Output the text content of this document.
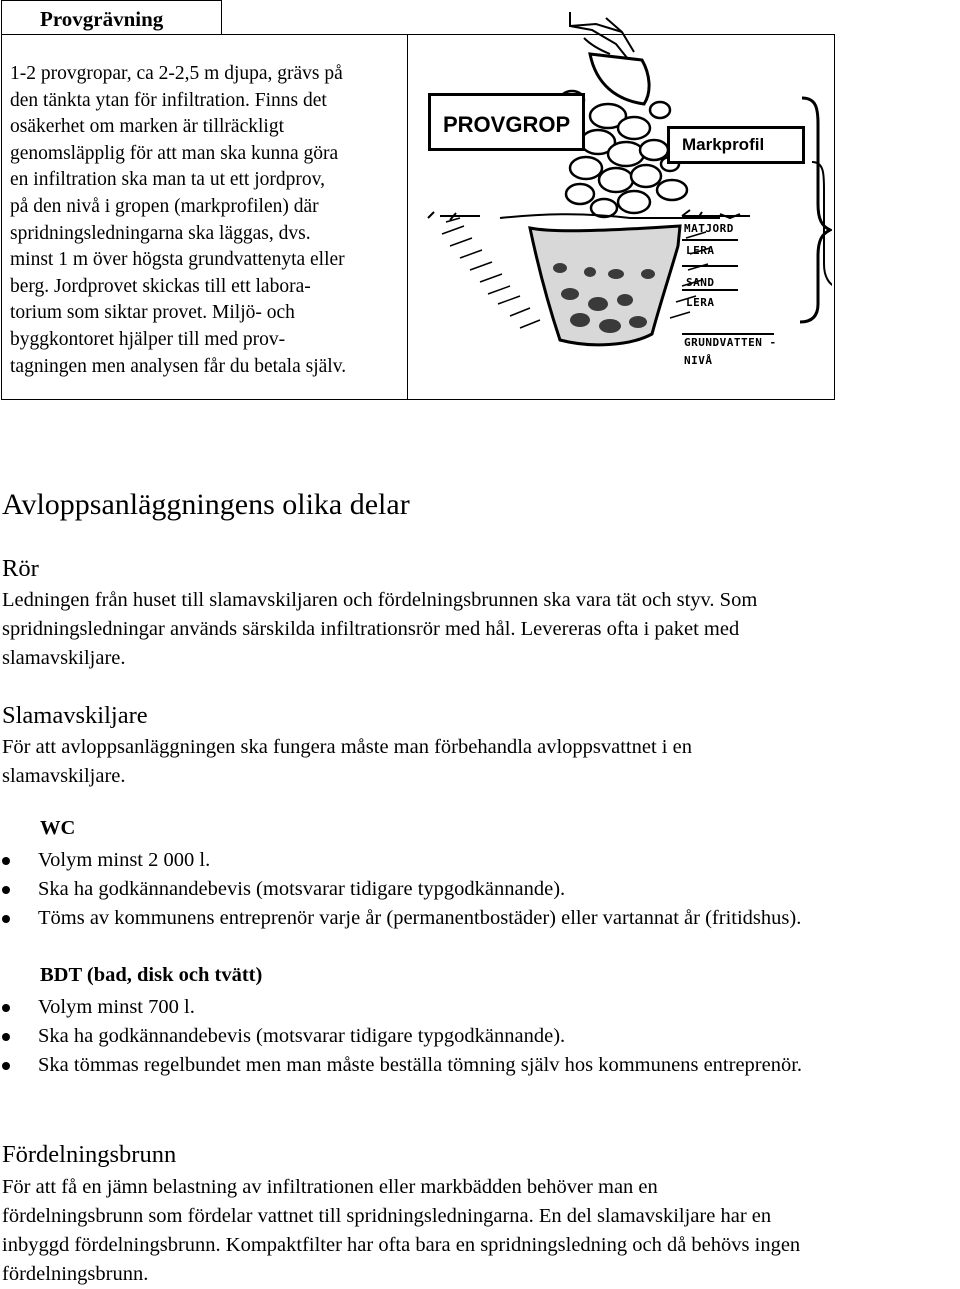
Provgrävning
1-2 provgropar, ca 2-2,5 m djupa, grävs på
den tänkta ytan för infiltration. Finns det
osäkerhet om marken är tillräckligt
genomsläpplig för att man ska kunna göra
en infiltration ska man ta ut ett jordprov,
på den nivå i gropen (markprofilen) där
spridningsledningarna ska läggas, dvs.
minst 1 m över högsta grundvattenyta eller
berg. Jordprovet skickas till ett labora-
torium som siktar provet. Miljö- och
byggkontoret hjälper till med prov-
tagningen men analysen får du betala själv.
PROVGROP
Markprofil
MATJORD
LERA
SAND
LERA
GRUNDVATTEN -
NIVÅ
Avloppsanläggningens olika delar
Rör
Ledningen från huset till slamavskiljaren och fördelningsbrunnen ska vara tät och styv. Som
spridningsledningar används särskilda infiltrationsrör med hål. Levereras ofta i paket med
slamavskiljare.
Slamavskiljare
För att avloppsanläggningen ska fungera måste man förbehandla avloppsvattnet i en
slamavskiljare.
WC
Volym minst 2 000 l.
Ska ha godkännandebevis (motsvarar tidigare typgodkännande).
Töms av kommunens entreprenör varje år (permanentbostäder) eller vartannat år (fritidshus).
BDT (bad, disk och tvätt)
Volym minst 700 l.
Ska ha godkännandebevis (motsvarar tidigare typgodkännande).
Ska tömmas regelbundet men man måste beställa tömning själv hos kommunens entreprenör.
Fördelningsbrunn
För att få en jämn belastning av infiltrationen eller markbädden behöver man en
fördelningsbrunn som fördelar vattnet till spridningsledningarna. En del slamavskiljare har en
inbyggd fördelningsbrunn. Kompaktfilter har ofta bara en spridningsledning och då behövs ingen
fördelningsbrunn.
